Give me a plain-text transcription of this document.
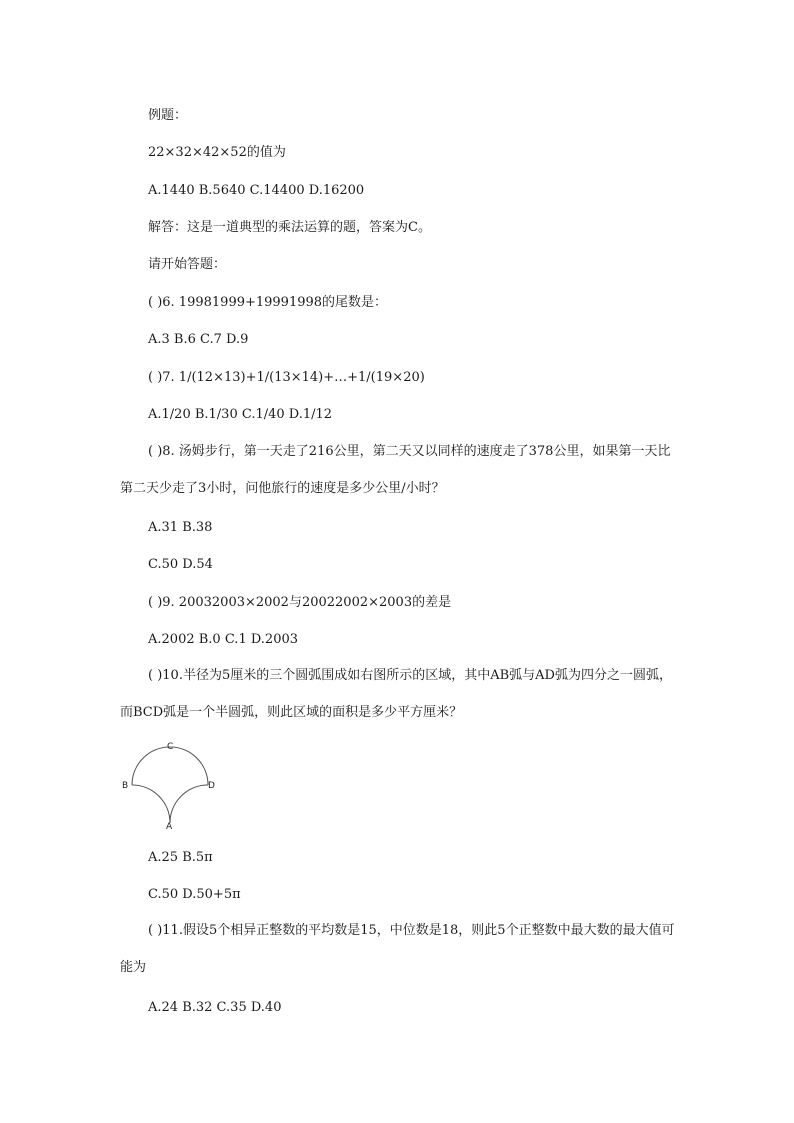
例题：
22×32×42×52的值为
A.1440 B.5640 C.14400 D.16200
解答：这是一道典型的乘法运算的题，答案为C。
请开始答题：
( )6. 19981999+19991998的尾数是：
A.3 B.6 C.7 D.9
( )7. 1/(12×13)+1/(13×14)+…+1/(19×20)
A.1/20 B.1/30 C.1/40 D.1/12
( )8. 汤姆步行，第一天走了216公里，第二天又以同样的速度走了378公里，如果第一天比第二天少走了3小时，问他旅行的速度是多少公里/小时？
A.31 B.38
C.50 D.54
( )9. 20032003×2002与20022002×2003的差是
A.2002 B.0 C.1 D.2003
( )10.半径为5厘米的三个圆弧围成如右图所示的区域，其中AB弧与AD弧为四分之一圆弧，而BCD弧是一个半圆弧，则此区域的面积是多少平方厘米？
C
B	D
A
A.25 B.5π
C.50 D.50+5π
( )11.假设5个相异正整数的平均数是15，中位数是18，则此5个正整数中最大数的最大值可能为
A.24 B.32 C.35 D.40
